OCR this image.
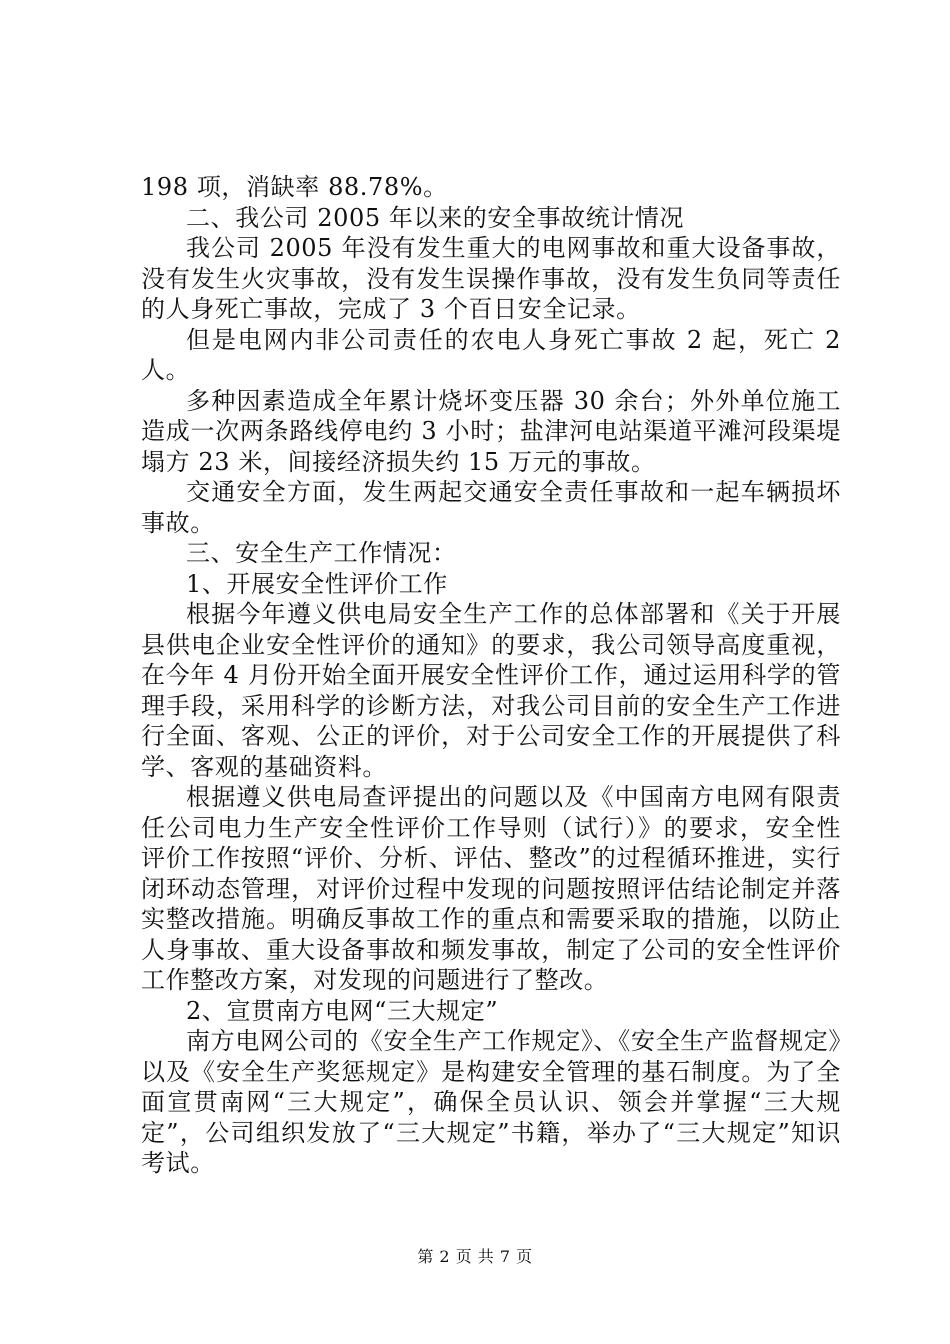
198 项，消缺率 88.78%。

二、我公司 2005 年以来的安全事故统计情况

我公司 2005 年没有发生重大的电网事故和重大设备事故，没有发生火灾事故，没有发生误操作事故，没有发生负同等责任的人身死亡事故，完成了 3 个百日安全记录。

但是电网内非公司责任的农电人身死亡事故 2 起，死亡 2 人。

多种因素造成全年累计烧坏变压器 30 余台；外外单位施工造成一次两条路线停电约 3 小时；盐津河电站渠道平滩河段渠堤塌方 23 米，间接经济损失约 15 万元的事故。

交通安全方面，发生两起交通安全责任事故和一起车辆损坏事故。

三、安全生产工作情况：

1、开展安全性评价工作

根据今年遵义供电局安全生产工作的总体部署和《关于开展县供电企业安全性评价的通知》的要求，我公司领导高度重视，在今年 4 月份开始全面开展安全性评价工作，通过运用科学的管理手段，采用科学的诊断方法，对我公司目前的安全生产工作进行全面、客观、公正的评价，对于公司安全工作的开展提供了科学、客观的基础资料。

根据遵义供电局查评提出的问题以及《中国南方电网有限责任公司电力生产安全性评价工作导则（试行）》的要求，安全性评价工作按照“评价、分析、评估、整改”的过程循环推进，实行闭环动态管理，对评价过程中发现的问题按照评估结论制定并落实整改措施。明确反事故工作的重点和需要采取的措施，以防止人身事故、重大设备事故和频发事故，制定了公司的安全性评价工作整改方案，对发现的问题进行了整改。

2、宣贯南方电网“三大规定”

南方电网公司的《安全生产工作规定》、《安全生产监督规定》以及《安全生产奖惩规定》是构建安全管理的基石制度。为了全面宣贯南网“三大规定”，确保全员认识、领会并掌握“三大规定”，公司组织发放了“三大规定”书籍，举办了“三大规定”知识考试。

第 2 页 共 7 页
